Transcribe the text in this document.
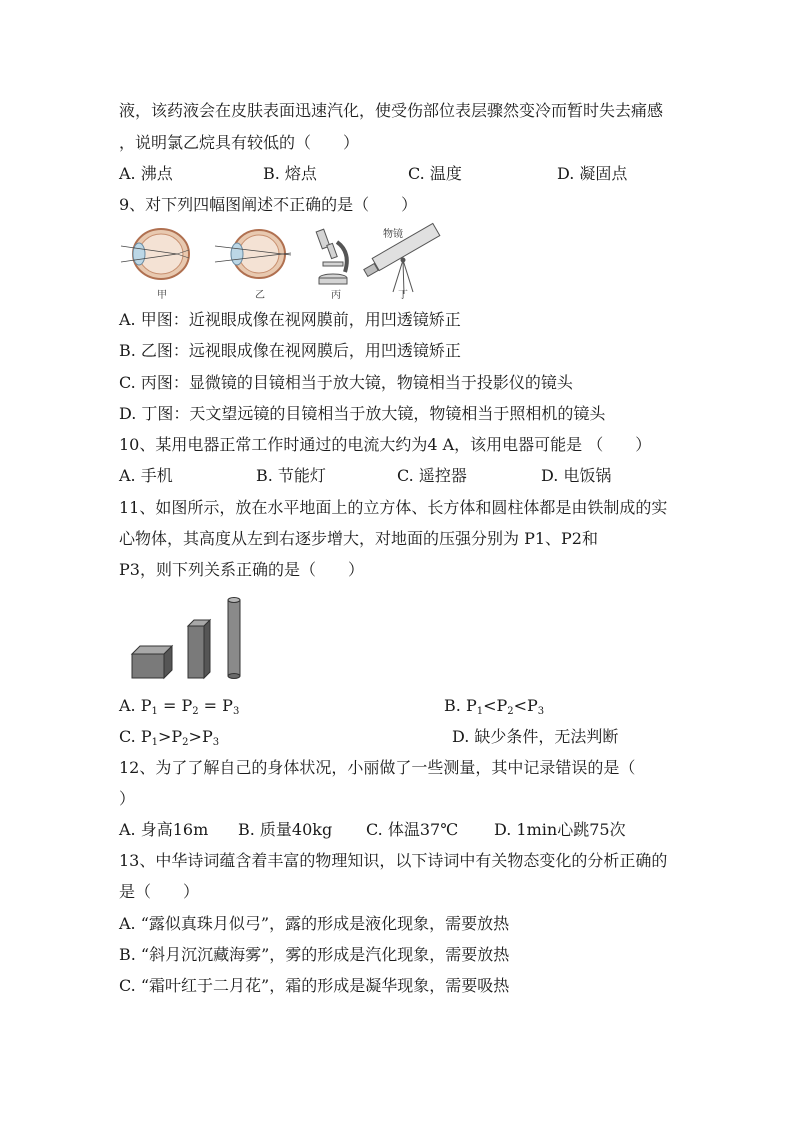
液，该药液会在皮肤表面迅速汽化，使受伤部位表层骤然变冷而暂时失去痛感
，说明氯乙烷具有较低的（　　）
A. 沸点	B. 熔点	C. 温度	D. 凝固点
9、对下列四幅图阐述不正确的是（　　）
物镜
甲	乙	丙	丁
A. 甲图：近视眼成像在视网膜前，用凹透镜矫正
B. 乙图：远视眼成像在视网膜后，用凹透镜矫正
C. 丙图：显微镜的目镜相当于放大镜，物镜相当于投影仪的镜头
D. 丁图：天文望远镜的目镜相当于放大镜，物镜相当于照相机的镜头
10、某用电器正常工作时通过的电流大约为4 A，该用电器可能是 （　　）
A. 手机	B. 节能灯	C. 遥控器	D. 电饭锅
11、如图所示，放在水平地面上的立方体、长方体和圆柱体都是由铁制成的实
心物体，其高度从左到右逐步增大，对地面的压强分别为 P1、P2和
P3，则下列关系正确的是（　　）
A. $P_1 = P_2 = P_3$	B. $P_1<P_2<P_3$
C. $P_1>P_2>P_3$	D. 缺少条件，无法判断
12、为了了解自己的身体状况，小丽做了一些测量，其中记录错误的是（
）
A. 身高16m B. 质量40kg C. 体温37℃ D. 1min心跳75次
13、中华诗词蕴含着丰富的物理知识，以下诗词中有关物态变化的分析正确的
是（　　）
A. “露似真珠月似弓”，露的形成是液化现象，需要放热
B. “斜月沉沉藏海雾”，雾的形成是汽化现象，需要放热
C. “霜叶红于二月花”，霜的形成是凝华现象，需要吸热
